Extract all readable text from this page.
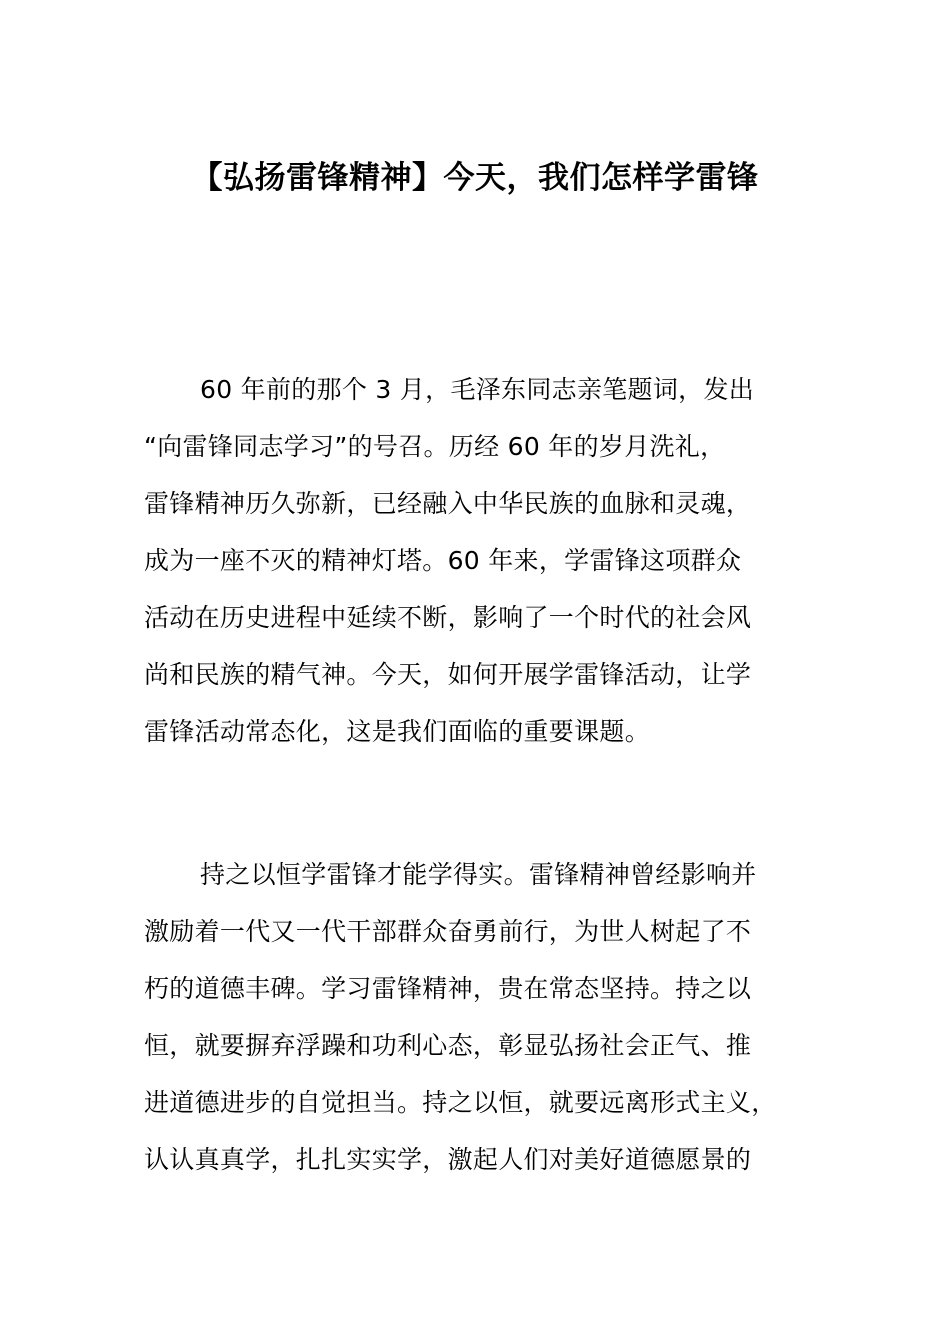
【弘扬雷锋精神】今天，我们怎样学雷锋
60 年前的那个 3 月，毛泽东同志亲笔题词，发出
“向雷锋同志学习”的号召。历经 60 年的岁月洗礼，
雷锋精神历久弥新，已经融入中华民族的血脉和灵魂，
成为一座不灭的精神灯塔。60 年来，学雷锋这项群众
活动在历史进程中延续不断，影响了一个时代的社会风
尚和民族的精气神。今天，如何开展学雷锋活动，让学
雷锋活动常态化，这是我们面临的重要课题。
持之以恒学雷锋才能学得实。雷锋精神曾经影响并
激励着一代又一代干部群众奋勇前行，为世人树起了不
朽的道德丰碑。学习雷锋精神，贵在常态坚持。持之以
恒，就要摒弃浮躁和功利心态，彰显弘扬社会正气、推
进道德进步的自觉担当。持之以恒，就要远离形式主义，
认认真真学，扎扎实实学，激起人们对美好道德愿景的
